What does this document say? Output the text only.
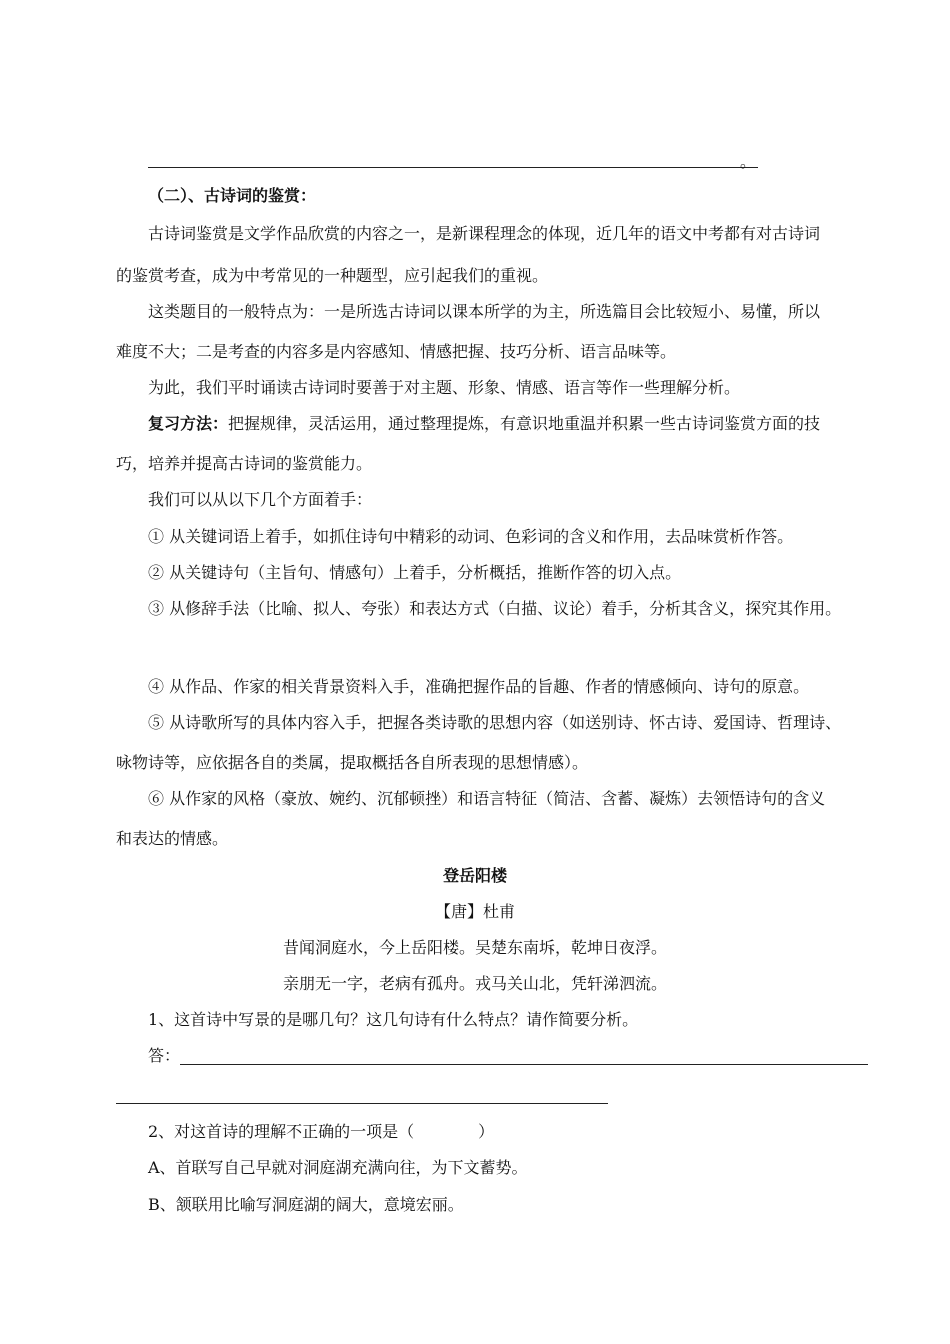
。
（二）、古诗词的鉴赏：
古诗词鉴赏是文学作品欣赏的内容之一，是新课程理念的体现，近几年的语文中考都有对古诗词
的鉴赏考查，成为中考常见的一种题型，应引起我们的重视。
这类题目的一般特点为：一是所选古诗词以课本所学的为主，所选篇目会比较短小、易懂，所以
难度不大；二是考查的内容多是内容感知、情感把握、技巧分析、语言品味等。
为此，我们平时诵读古诗词时要善于对主题、形象、情感、语言等作一些理解分析。
复习方法：把握规律，灵活运用，通过整理提炼，有意识地重温并积累一些古诗词鉴赏方面的技
巧，培养并提高古诗词的鉴赏能力。
我们可以从以下几个方面着手：
① 从关键词语上着手，如抓住诗句中精彩的动词、色彩词的含义和作用，去品味赏析作答。
② 从关键诗句（主旨句、情感句）上着手，分析概括，推断作答的切入点。
③ 从修辞手法（比喻、拟人、夸张）和表达方式（白描、议论）着手，分析其含义，探究其作用。
④ 从作品、作家的相关背景资料入手，准确把握作品的旨趣、作者的情感倾向、诗句的原意。
⑤ 从诗歌所写的具体内容入手，把握各类诗歌的思想内容（如送别诗、怀古诗、爱国诗、哲理诗、
咏物诗等，应依据各自的类属，提取概括各自所表现的思想情感）。
⑥ 从作家的风格（豪放、婉约、沉郁顿挫）和语言特征（简洁、含蓄、凝炼）去领悟诗句的含义
和表达的情感。
登岳阳楼
【唐】杜甫
昔闻洞庭水，今上岳阳楼。吴楚东南坼，乾坤日夜浮。
亲朋无一字，老病有孤舟。戎马关山北，凭轩涕泗流。
1、这首诗中写景的是哪几句？这几句诗有什么特点？请作简要分析。
答：
2、对这首诗的理解不正确的一项是（　　　　）
A、首联写自己早就对洞庭湖充满向往，为下文蓄势。
B、颔联用比喻写洞庭湖的阔大，意境宏丽。
